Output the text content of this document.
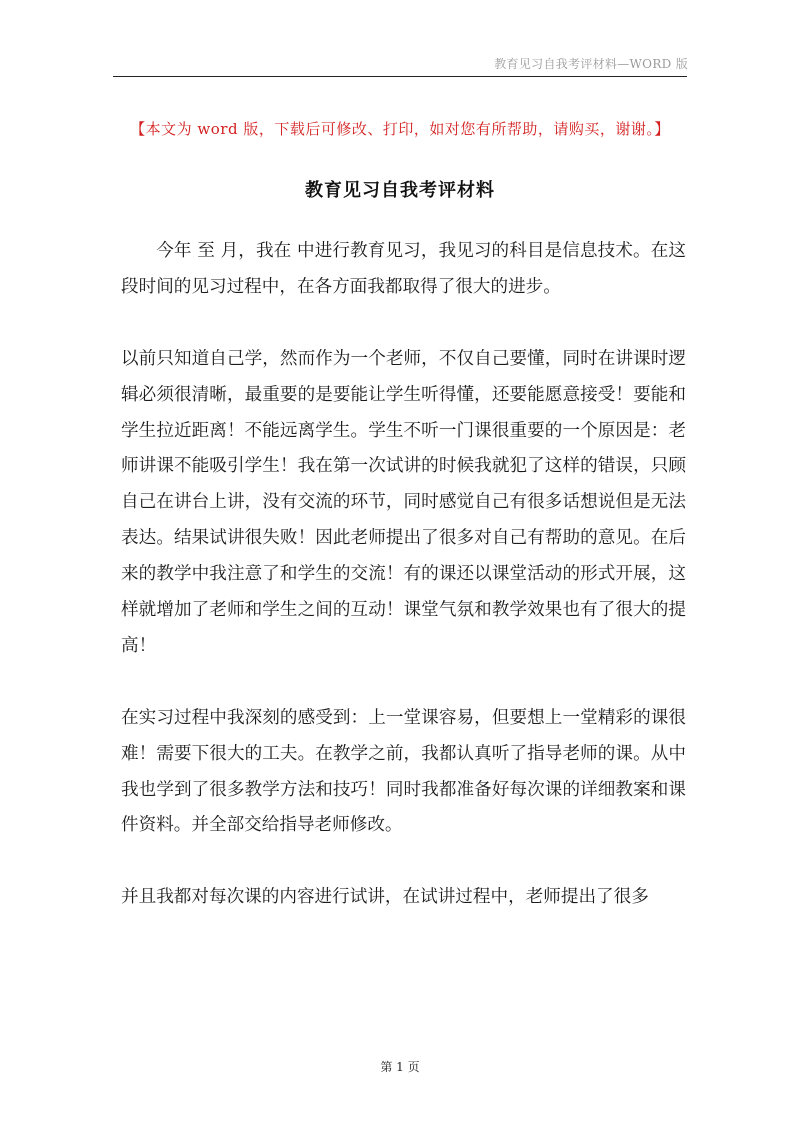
教育见习自我考评材料—WORD 版
【本文为 word 版，下载后可修改、打印，如对您有所帮助，请购买，谢谢。】
教育见习自我考评材料

今年 至 月，我在 中进行教育见习，我见习的科目是信息技术。在这段时间的见习过程中，在各方面我都取得了很大的进步。

以前只知道自己学，然而作为一个老师，不仅自己要懂，同时在讲课时逻辑必须很清晰，最重要的是要能让学生听得懂，还要能愿意接受！要能和学生拉近距离！不能远离学生。学生不听一门课很重要的一个原因是：老师讲课不能吸引学生！我在第一次试讲的时候我就犯了这样的错误，只顾自己在讲台上讲，没有交流的环节，同时感觉自己有很多话想说但是无法表达。结果试讲很失败！因此老师提出了很多对自己有帮助的意见。在后来的教学中我注意了和学生的交流！有的课还以课堂活动的形式开展，这样就增加了老师和学生之间的互动！课堂气氛和教学效果也有了很大的提高！

在实习过程中我深刻的感受到：上一堂课容易，但要想上一堂精彩的课很难！需要下很大的工夫。在教学之前，我都认真听了指导老师的课。从中我也学到了很多教学方法和技巧！同时我都准备好每次课的详细教案和课件资料。并全部交给指导老师修改。

并且我都对每次课的内容进行试讲，在试讲过程中，老师提出了很多

第 1 页
